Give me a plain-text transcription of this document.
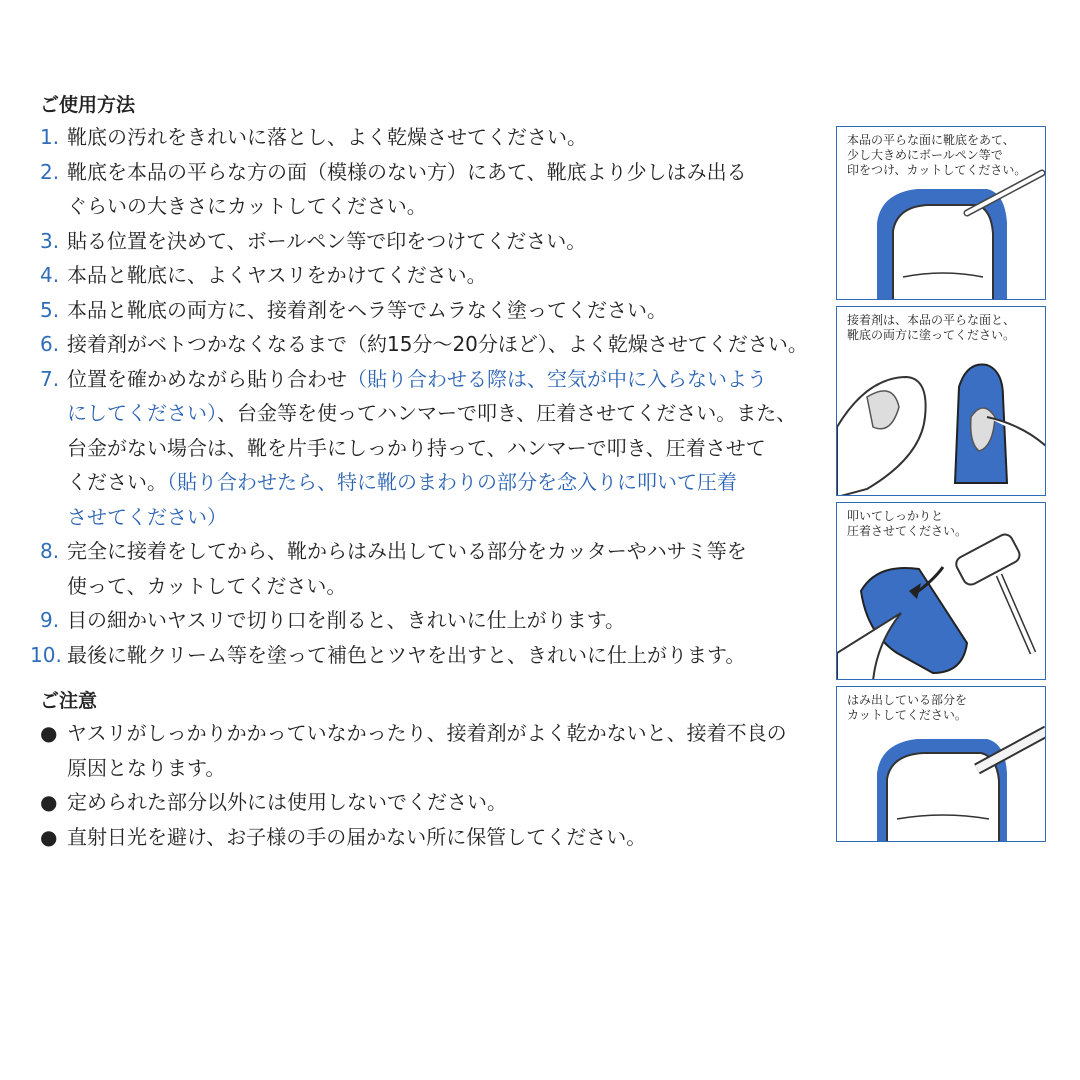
ご使用方法
1. 靴底の汚れをきれいに落とし、よく乾燥させてください。
2. 靴底を本品の平らな方の面（模様のない方）にあて、靴底より少しはみ出る
ぐらいの大きさにカットしてください。
3. 貼る位置を決めて、ボールペン等で印をつけてください。
4. 本品と靴底に、よくヤスリをかけてください。
5. 本品と靴底の両方に、接着剤をヘラ等でムラなく塗ってください。
6. 接着剤がベトつかなくなるまで（約15分〜20分ほど）、よく乾燥させてください。
7. 位置を確かめながら貼り合わせ（貼り合わせる際は、空気が中に入らないよう
にしてください）、台金等を使ってハンマーで叩き、圧着させてください。また、
台金がない場合は、靴を片手にしっかり持って、ハンマーで叩き、圧着させて
ください。（貼り合わせたら、特に靴のまわりの部分を念入りに叩いて圧着
させてください）
8. 完全に接着をしてから、靴からはみ出している部分をカッターやハサミ等を
使って、カットしてください。
9. 目の細かいヤスリで切り口を削ると、きれいに仕上がります。
10. 最後に靴クリーム等を塗って補色とツヤを出すと、きれいに仕上がります。
ご注意
● ヤスリがしっかりかかっていなかったり、接着剤がよく乾かないと、接着不良の
原因となります。
● 定められた部分以外には使用しないでください。
● 直射日光を避け、お子様の手の届かない所に保管してください。
本品の平らな面に靴底をあて、
少し大きめにボールペン等で
印をつけ、カットしてください。
接着剤は、本品の平らな面と、
靴底の両方に塗ってください。
叩いてしっかりと
圧着させてください。
はみ出している部分を
カットしてください。
